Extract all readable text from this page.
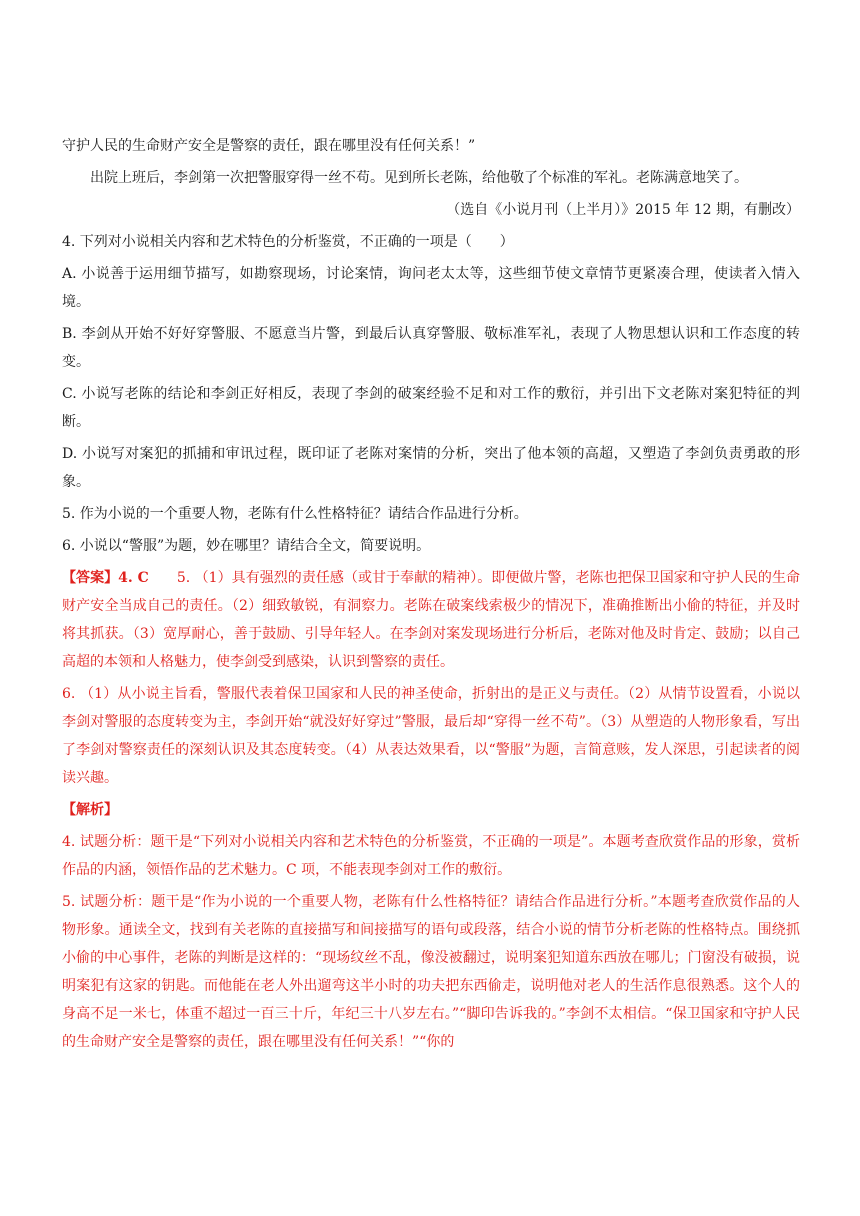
守护人民的生命财产安全是警察的责任，跟在哪里没有任何关系！”

出院上班后，李剑第一次把警服穿得一丝不苟。见到所长老陈，给他敬了个标准的军礼。老陈满意地笑了。

（选自《小说月刊（上半月）》2015 年 12 期，有删改）

4. 下列对小说相关内容和艺术特色的分析鉴赏，不正确的一项是（　　）

A. 小说善于运用细节描写，如勘察现场，讨论案情，询问老太太等，这些细节使文章情节更紧凑合理，使读者入情入境。

B. 李剑从开始不好好穿警服、不愿意当片警，到最后认真穿警服、敬标准军礼，表现了人物思想认识和工作态度的转变。

C. 小说写老陈的结论和李剑正好相反，表现了李剑的破案经验不足和对工作的敷衍，并引出下文老陈对案犯特征的判断。

D. 小说写对案犯的抓捕和审讯过程，既印证了老陈对案情的分析，突出了他本领的高超，又塑造了李剑负责勇敢的形象。

5. 作为小说的一个重要人物，老陈有什么性格特征？请结合作品进行分析。

6. 小说以“警服”为题，妙在哪里？请结合全文，简要说明。

【答案】4. C 5. （1）具有强烈的责任感（或甘于奉献的精神）。即便做片警，老陈也把保卫国家和守护人民的生命财产安全当成自己的责任。（2）细致敏锐，有洞察力。老陈在破案线索极少的情况下，准确推断出小偷的特征，并及时将其抓获。（3）宽厚耐心，善于鼓励、引导年轻人。在李剑对案发现场进行分析后，老陈对他及时肯定、鼓励；以自己高超的本领和人格魅力，使李剑受到感染，认识到警察的责任。

6. （1）从小说主旨看，警服代表着保卫国家和人民的神圣使命，折射出的是正义与责任。（2）从情节设置看，小说以李剑对警服的态度转变为主，李剑开始“就没好好穿过”警服，最后却“穿得一丝不苟”。（3）从塑造的人物形象看，写出了李剑对警察责任的深刻认识及其态度转变。（4）从表达效果看，以“警服”为题，言简意赅，发人深思，引起读者的阅读兴趣。

【解析】

4. 试题分析：题干是“下列对小说相关内容和艺术特色的分析鉴赏，不正确的一项是”。本题考查欣赏作品的形象，赏析作品的内涵，领悟作品的艺术魅力。C 项，不能表现李剑对工作的敷衍。

5. 试题分析：题干是“作为小说的一个重要人物，老陈有什么性格特征？请结合作品进行分析。”本题考查欣赏作品的人物形象。通读全文，找到有关老陈的直接描写和间接描写的语句或段落，结合小说的情节分析老陈的性格特点。围绕抓小偷的中心事件，老陈的判断是这样的：“现场纹丝不乱，像没被翻过，说明案犯知道东西放在哪儿；门窗没有破损，说明案犯有这家的钥匙。而他能在老人外出遛弯这半小时的功夫把东西偷走，说明他对老人的生活作息很熟悉。这个人的身高不足一米七，体重不超过一百三十斤，年纪三十八岁左右。”“脚印告诉我的。”李剑不太相信。“保卫国家和守护人民的生命财产安全是警察的责任，跟在哪里没有任何关系！”“你的
